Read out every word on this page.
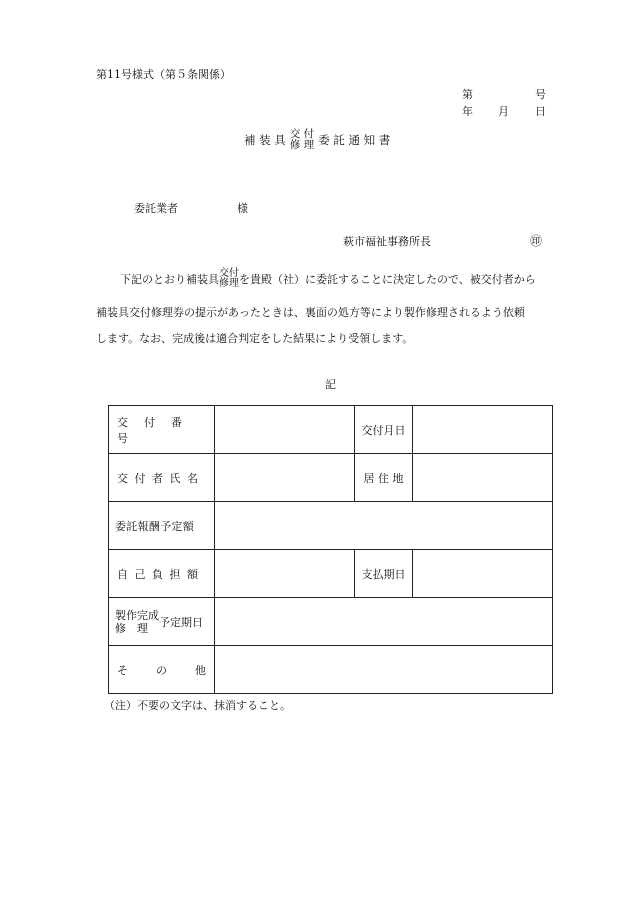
第11号様式（第５条関係）
第	号
年 月 日
補 装 具 交 付
修 理 委 託 通 知 書
委託業者	様
萩市福祉事務所長	㊞
下記のとおり補装具 交付
修理 を貴殿（社）に委託することに決定したので、被交付者から
補装具交付修理券の提示があったときは、裏面の処方等により製作修理されるよう依頼
します。なお、完成後は適合判定をした結果により受領します。
記
交付番号		交付月日	

交付者氏名		居 住 地	

委託報酬予定額			

自己負担額		支払期日	

製作完成
修　理 予定期日			

そ の 他			

（注）不要の文字は、抹消すること。
